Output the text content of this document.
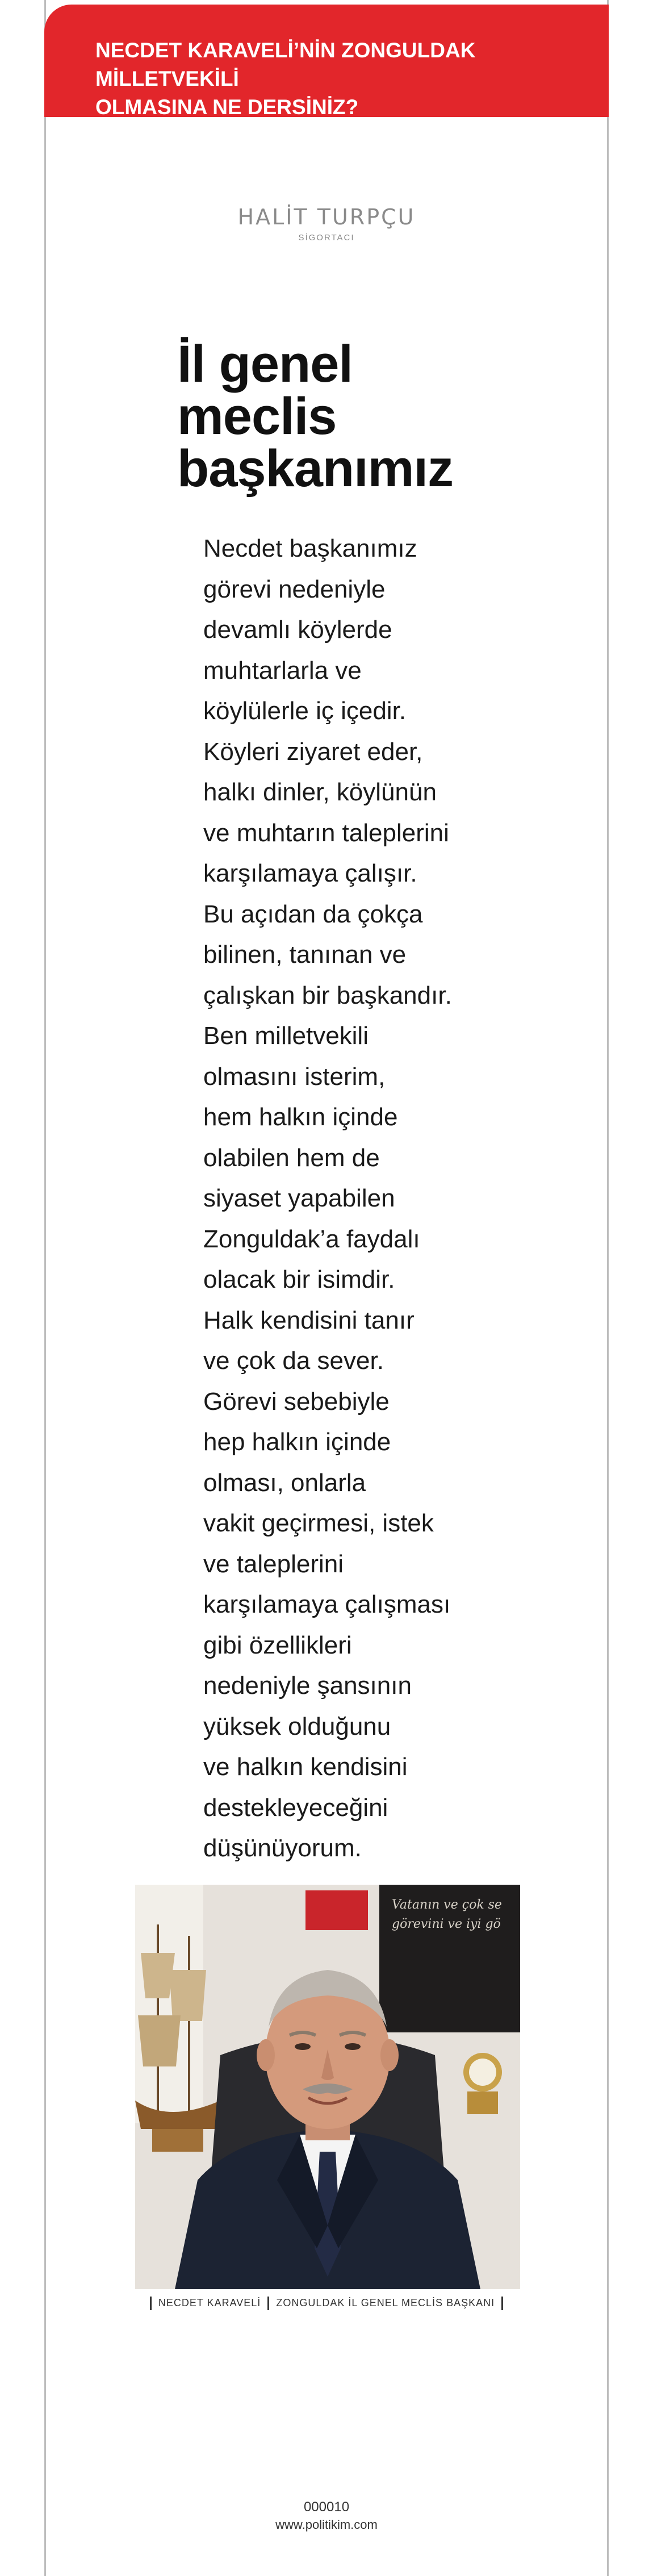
NECDET KARAVELİ’NİN ZONGULDAK MİLLETVEKİLİ
OLMASINA NE DERSİNİZ?
HALİT TURPÇU
SİGORTACI
İl genel
meclis
başkanımız
Necdet başkanımız
görevi nedeniyle
devamlı köylerde
muhtarlarla ve
köylülerle iç içedir.
Köyleri ziyaret eder,
halkı dinler, köylünün
ve muhtarın taleplerini
karşılamaya çalışır.
Bu açıdan da çokça
bilinen, tanınan ve
çalışkan bir başkandır.
Ben milletvekili
olmasını isterim,
hem halkın içinde
olabilen hem de
siyaset yapabilen
Zonguldak’a faydalı
olacak bir isimdir.
Halk kendisini tanır
ve çok da sever.
Görevi sebebiyle
hep halkın içinde
olması, onlarla
vakit geçirmesi, istek
ve taleplerini
karşılamaya çalışması
gibi özellikleri
nedeniyle şansının
yüksek olduğunu
ve halkın kendisini
destekleyeceğini
düşünüyorum.
Vatanın ve çok se
görevini ve iyi gö
NECDET KARAVELİ ZONGULDAK İL GENEL MECLİS BAŞKANI
000010
www.politikim.com
